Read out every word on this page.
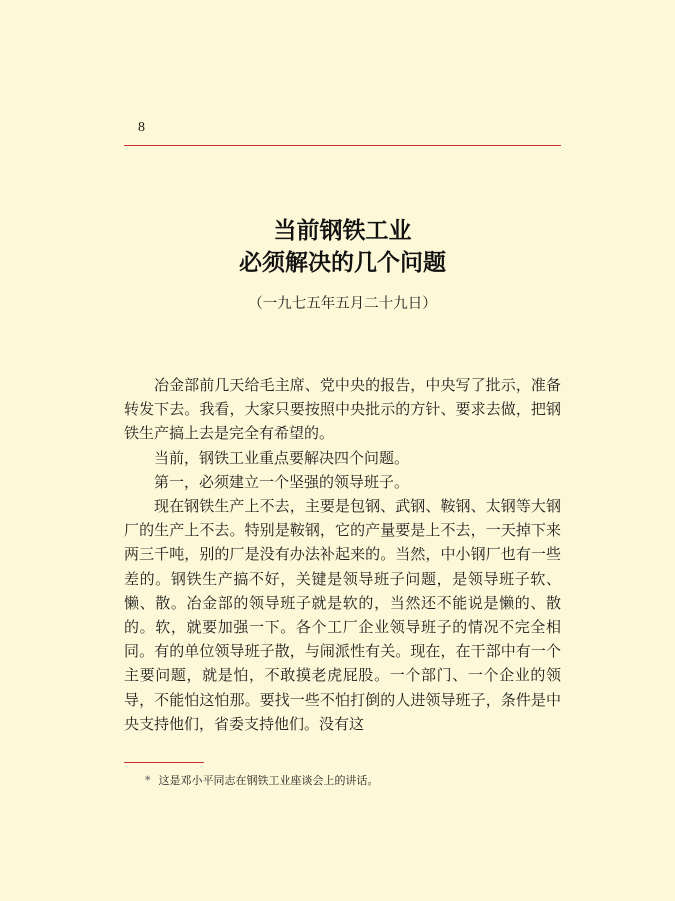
8
当前钢铁工业
必须解决的几个问题
（一九七五年五月二十九日）

冶金部前几天给毛主席、党中央的报告，中央写了批示，准备转发下去。我看，大家只要按照中央批示的方针、要求去做，把钢铁生产搞上去是完全有希望的。

当前，钢铁工业重点要解决四个问题。

第一，必须建立一个坚强的领导班子。

现在钢铁生产上不去，主要是包钢、武钢、鞍钢、太钢等大钢厂的生产上不去。特别是鞍钢，它的产量要是上不去，一天掉下来两三千吨，别的厂是没有办法补起来的。当然，中小钢厂也有一些差的。钢铁生产搞不好，关键是领导班子问题，是领导班子软、懒、散。冶金部的领导班子就是软的，当然还不能说是懒的、散的。软，就要加强一下。各个工厂企业领导班子的情况不完全相同。有的单位领导班子散，与闹派性有关。现在，在干部中有一个主要问题，就是怕，不敢摸老虎屁股。一个部门、一个企业的领导，不能怕这怕那。要找一些不怕打倒的人进领导班子，条件是中央支持他们，省委支持他们。没有这

* 这是邓小平同志在钢铁工业座谈会上的讲话。
